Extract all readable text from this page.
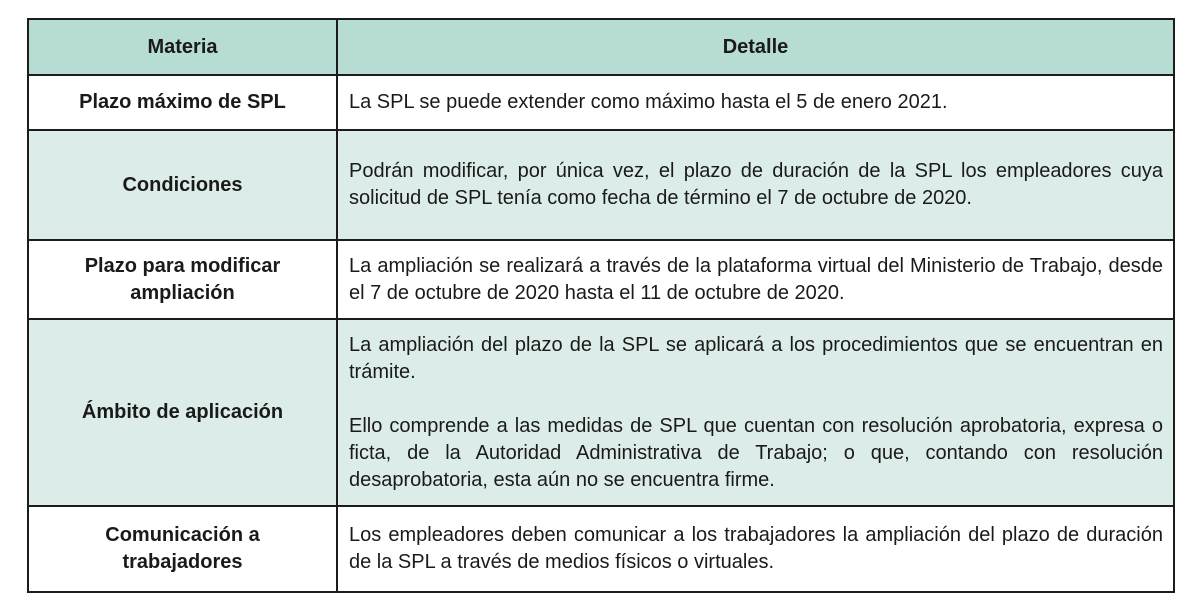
Materia	Detalle
Plazo máximo de SPL	La SPL se puede extender como máximo hasta el 5 de enero 2021.

Condiciones	Podrán modificar, por única vez, el plazo de duración de la SPL los empleadores cuya solicitud de SPL tenía como fecha de término el 7 de octubre de 2020.

Plazo para modificar ampliación	La ampliación se realizará a través de la plataforma virtual del Ministerio de Trabajo, desde el 7 de octubre de 2020 hasta el 11 de octubre de 2020.

Ámbito de aplicación	La ampliación del plazo de la SPL se aplicará a los procedimientos que se encuentran en trámite.

Ello comprende a las medidas de SPL que cuentan con resolución aprobatoria, expresa o ficta, de la Autoridad Administrativa de Trabajo; o que, contando con resolución desaprobatoria, esta aún no se encuentra firme.

Comunicación a trabajadores	Los empleadores deben comunicar a los trabajadores la ampliación del plazo de duración de la SPL a través de medios físicos o virtuales.
